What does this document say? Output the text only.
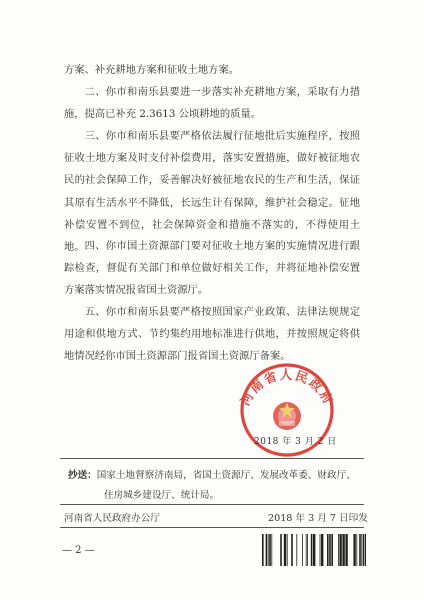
方案、补充耕地方案和征收土地方案。

二、你市和南乐县要进一步落实补充耕地方案，采取有力措施，提高已补充 2.3613 公顷耕地的质量。

三、你市和南乐县要严格依法履行征地批后实施程序，按照征收土地方案及时支付补偿费用，落实安置措施，做好被征地农民的社会保障工作，妥善解决好被征地农民的生产和生活，保证其原有生活水平不降低，长远生计有保障，维护社会稳定。征地补偿安置不到位，社会保障资金和措施不落实的，不得使用土地。 四、你市国土资源部门要对征收土地方案的实施情况进行跟踪检查，督促有关部门和单位做好相关工作，并将征地补偿安置方案落实情况报省国土资源厅。

五、你市和南乐县要严格按照国家产业政策、法律法规规定用途和供地方式、节约集约用地标准进行供地，并按照规定将供地情况经你市国土资源部门报省国土资源厅备案。

河南省人民政府
2018 年 3 月 2 日
抄送：国家土地督察济南局，省国土资源厅、发展改革委、财政厅、
住房城乡建设厅、统计局。
河南省人民政府办公厅	2018 年 3 月 7 日印发
— 2 —
